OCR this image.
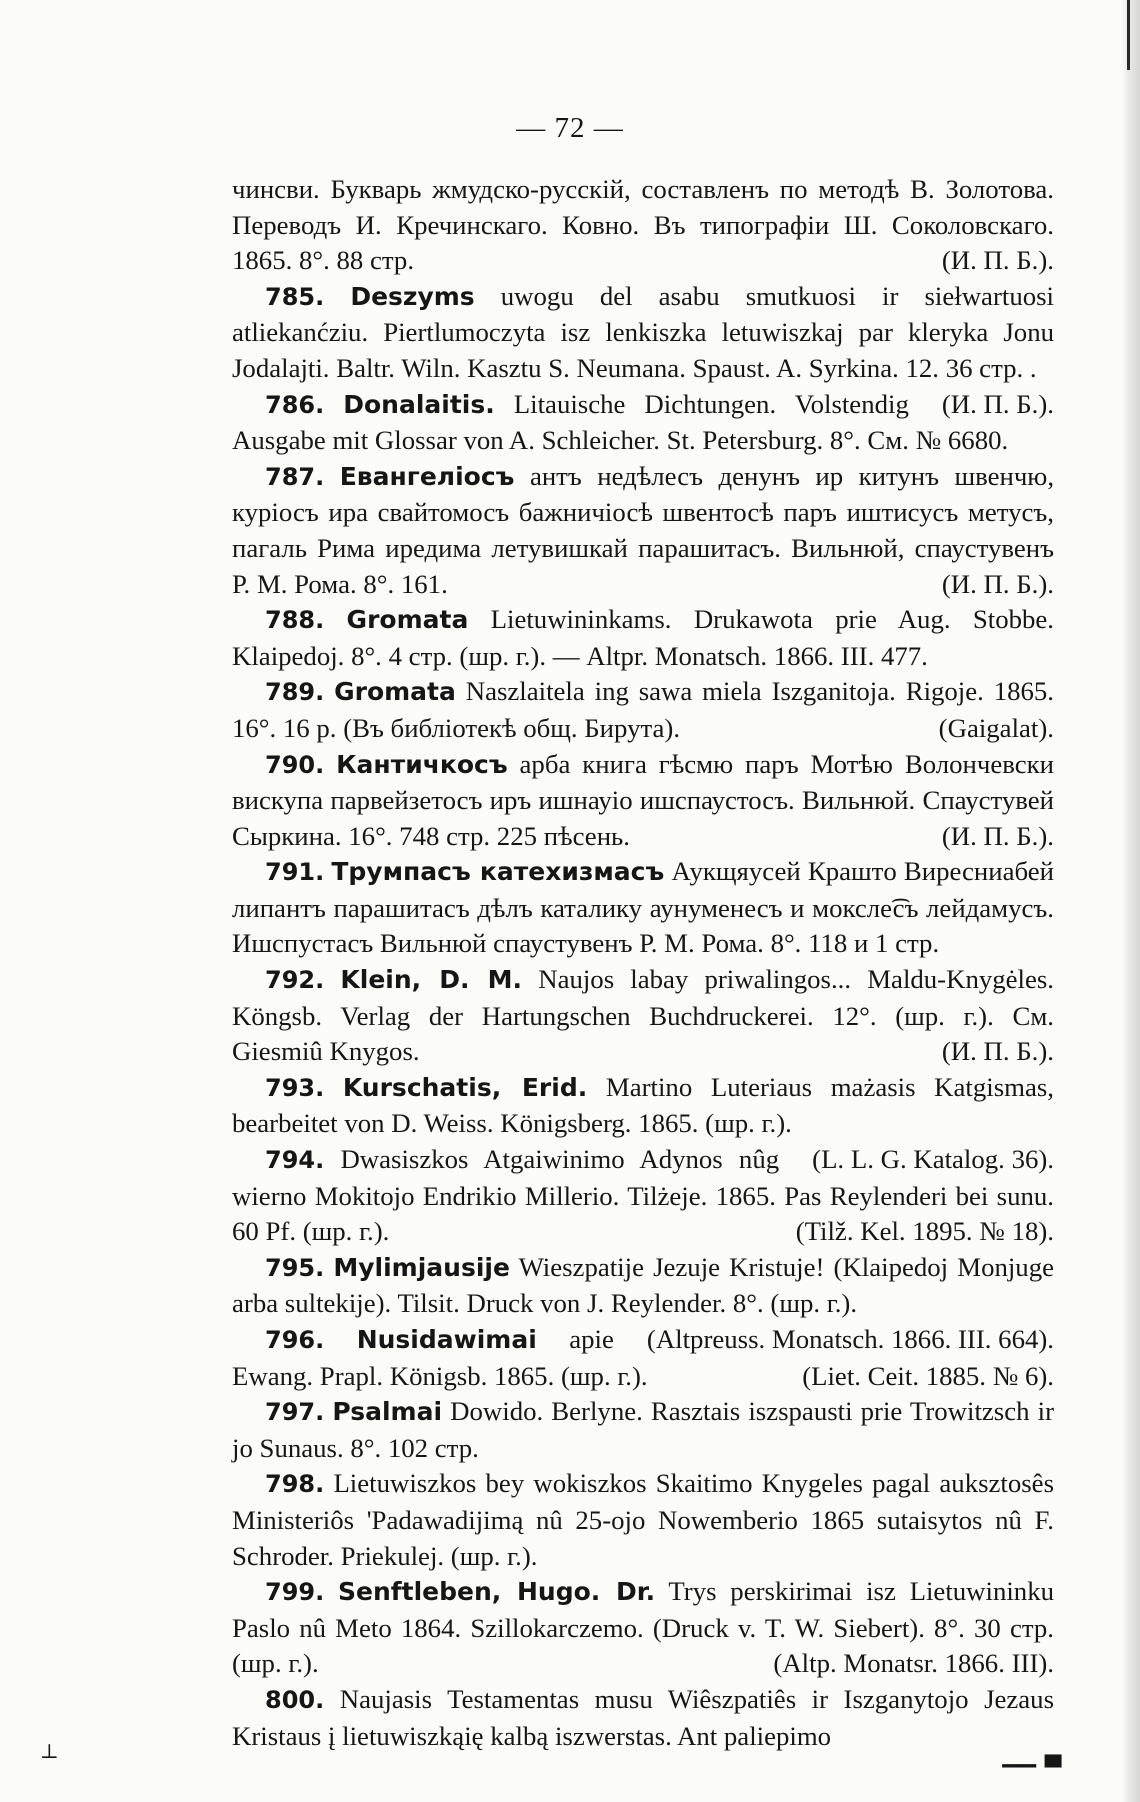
— 72 —

чинсви. Букварь жмудско-русскій, составленъ по методѣ В. Золотова. Переводъ И. Кречинскаго. Ковно. Въ типографіи Ш. Соколовскаго. 1865. 8°. 88 стр.	(И. П. Б.).

785. Deszyms uwogu del asabu smutkuosi ir siełwartuosi atliekanćziu. Piertlumoczyta isz lenkiszka letuwiszkaj par kleryka Jonu Jodalajti. Baltr. Wiln. Kasztu S. Neumana. Spaust. A. Syrkina. 12. 36 стр. .
(И. П. Б.).

786. Donalaitis. Litauische Dichtungen. Volstendig Ausgabe mit Glossar von A. Schleicher. St. Petersburg. 8°. См. № 6680.

787. Евангеліосъ антъ недѣлесъ денунъ ир китунъ швенчю, куріосъ ира свайтомосъ бажничіосѣ швентосѣ паръ иштисусъ метусъ, пагаль Рима иредима летувишкай парашитасъ. Вильнюй, спаустувенъ Р. М. Рома. 8°. 161.	(И. П. Б.).

788. Gromata Lietuwininkams. Drukawota prie Aug. Stobbe. Klaipedoj. 8°. 4 стр. (шр. г.). — Altpr. Monatsch. 1866. III. 477.

789. Gromata Naszlaitela ing sawa miela Iszganitoja. Rigoje. 1865. 16°. 16 p. (Въ библіотекѣ общ. Бирута).	(Gaigalat).

790. Кантичкосъ арба книга гѣсмю паръ Мотѣю Волончевски вискупа парвейзетосъ иръ ишнауіо ишспаустосъ. Вильнюй. Спаустувей Сыркина. 16°. 748 стр. 225 пѣсень.	(И. П. Б.).

791. Трумпасъ катехизмасъ Аукщяусей Краштo Виресниабей липантъ парашитасъ дѣлъ каталику аунуменесъ и моксле͡съ лейдамусъ. Ишспустасъ Вильнюй спаустувенъ Р. М. Рома. 8°. 118 и 1 стр.

792. Klein, D. M. Naujos labay priwalingos... Maldu-Knygėles. Köngsb. Verlag der Hartungschen Buchdruckerei. 12°. (шр. г.). См. Giesmiû Knygos.	(И. П. Б.).

793. Kurschatis, Erid. Martino Luteriaus mażasis Katgismas, bearbeitet von D. Weiss. Königsberg. 1865. (шр. г.).
(L. L. G. Katalog. 36).

794. Dwasiszkos Atgaiwinimo Adynos nûg wierno Mokitojo Endrikio Millerio. Tilżeje. 1865. Pas Reylenderi bei sunu. 60 Pf. (шр. г.).	(Tilž. Kel. 1895. № 18).

795. Mylimjausije Wieszpatije Jezuje Kristuje! (Klaipedoj Monjuge arba sultekije). Tilsit. Druck von J. Reylender. 8°. (шр. г.).
(Altpreuss. Monatsch. 1866. III. 664).

796. Nusidawimai apie Ewang. Prapl. Königsb. 1865. (шр. г.).	(Liet. Ceit. 1885. № 6).

797. Psalmai Dowido. Berlyne. Rasztais iszspausti prie Trowitzsch ir jo Sunaus. 8°. 102 стр.

798. Lietuwiszkos bey wokiszkos Skaitimo Knygeles pagal auksztosês Ministeriôs 'Padawadijimą nû 25-ojo Nowemberio 1865 sutaisytos nû F. Schroder. Priekulej. (шр. г.).

799. Senftleben, Hugo. Dr. Trys perskirimai isz Lietuwininku Paslo nû Meto 1864. Szillokarczemo. (Druck v. T. W. Siebert). 8°. 30 стр. (шр. г.).	(Altp. Monatsr. 1866. III).

800. Naujasis Testamentas musu Wiêszpatiês ir Iszganytojo Jezaus Kristaus į lietuwiszkąię kalbą iszwerstas. Ant paliepimo

⊥	▁▁▗▖
